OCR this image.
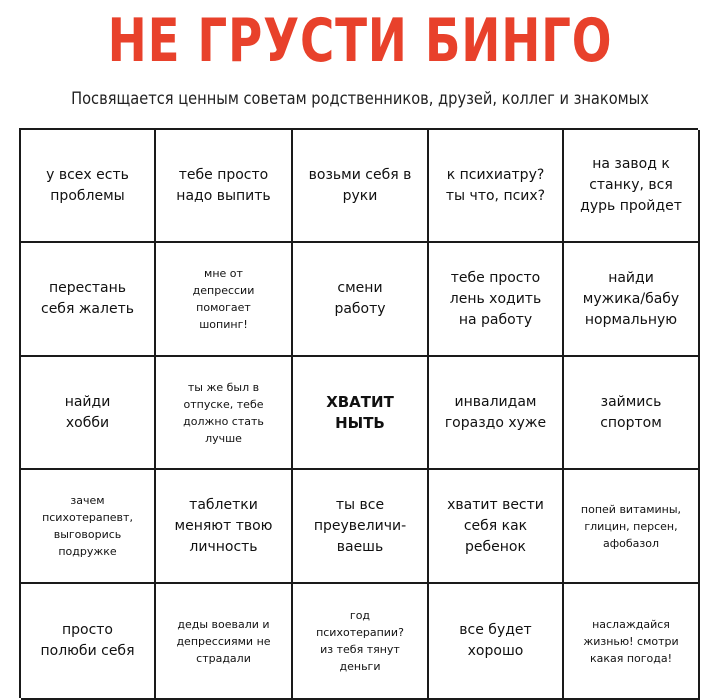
НЕ ГРУСТИ БИНГО
Посвящается ценным советам родственников, друзей, коллег и знакомых
у всех есть
проблемы
тебе просто
надо выпить
возьми себя в
руки
к психиатру?
ты что, псих?
на завод к
станку, вся
дурь пройдет
перестань
себя жалеть
мне от
депрессии
помогает
шопинг!
смени
работу
тебе просто
лень ходить
на работу
найди
мужика/бабу
нормальную
найди
хобби
ты же был в
отпуске, тебе
должно стать
лучше
ХВАТИТ
НЫТЬ
инвалидам
гораздо хуже
займись
спортом
зачем
психотерапевт,
выговорись
подружке
таблетки
меняют твою
личность
ты все
преувеличи-
ваешь
хватит вести
себя как
ребенок
попей витамины,
глицин, персен,
афобазол
просто
полюби себя
деды воевали и
депрессиями не
страдали
год
психотерапии?
из тебя тянут
деньги
все будет
хорошо
наслаждайся
жизнью! смотри
какая погода!
